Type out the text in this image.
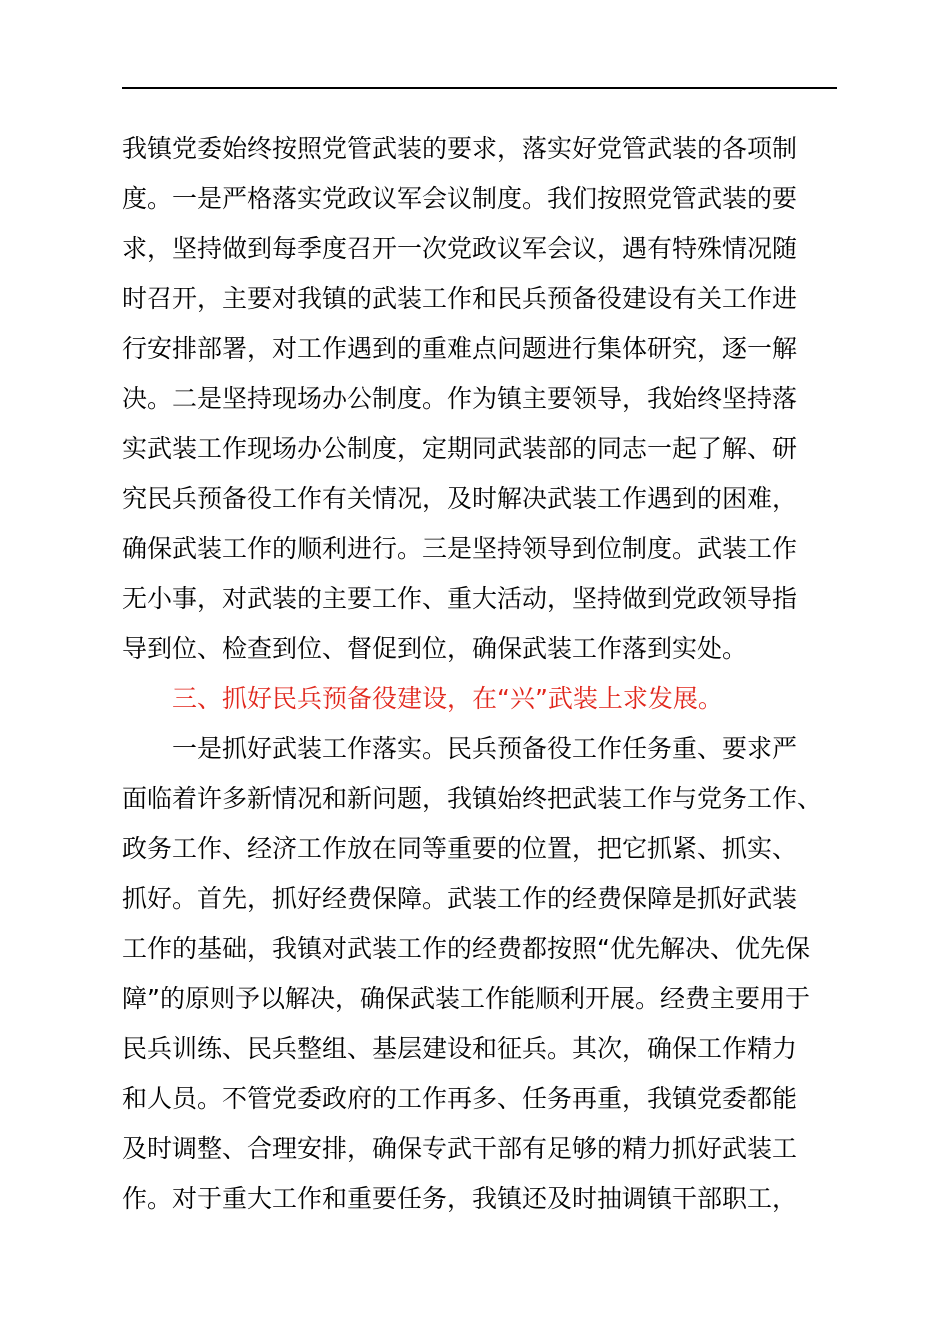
我镇党委始终按照党管武装的要求，落实好党管武装的各项制
度。一是严格落实党政议军会议制度。我们按照党管武装的要
求，坚持做到每季度召开一次党政议军会议，遇有特殊情况随
时召开，主要对我镇的武装工作和民兵预备役建设有关工作进
行安排部署，对工作遇到的重难点问题进行集体研究，逐一解
决。二是坚持现场办公制度。作为镇主要领导，我始终坚持落
实武装工作现场办公制度，定期同武装部的同志一起了解、研
究民兵预备役工作有关情况，及时解决武装工作遇到的困难，
确保武装工作的顺利进行。三是坚持领导到位制度。武装工作
无小事，对武装的主要工作、重大活动，坚持做到党政领导指
导到位、检查到位、督促到位，确保武装工作落到实处。
三、抓好民兵预备役建设，在“兴”武装上求发展。
一是抓好武装工作落实。民兵预备役工作任务重、要求严
面临着许多新情况和新问题，我镇始终把武装工作与党务工作、
政务工作、经济工作放在同等重要的位置，把它抓紧、抓实、
抓好。首先，抓好经费保障。武装工作的经费保障是抓好武装
工作的基础，我镇对武装工作的经费都按照“优先解决、优先保
障”的原则予以解决，确保武装工作能顺利开展。经费主要用于
民兵训练、民兵整组、基层建设和征兵。其次，确保工作精力
和人员。不管党委政府的工作再多、任务再重，我镇党委都能
及时调整、合理安排，确保专武干部有足够的精力抓好武装工
作。对于重大工作和重要任务，我镇还及时抽调镇干部职工，
